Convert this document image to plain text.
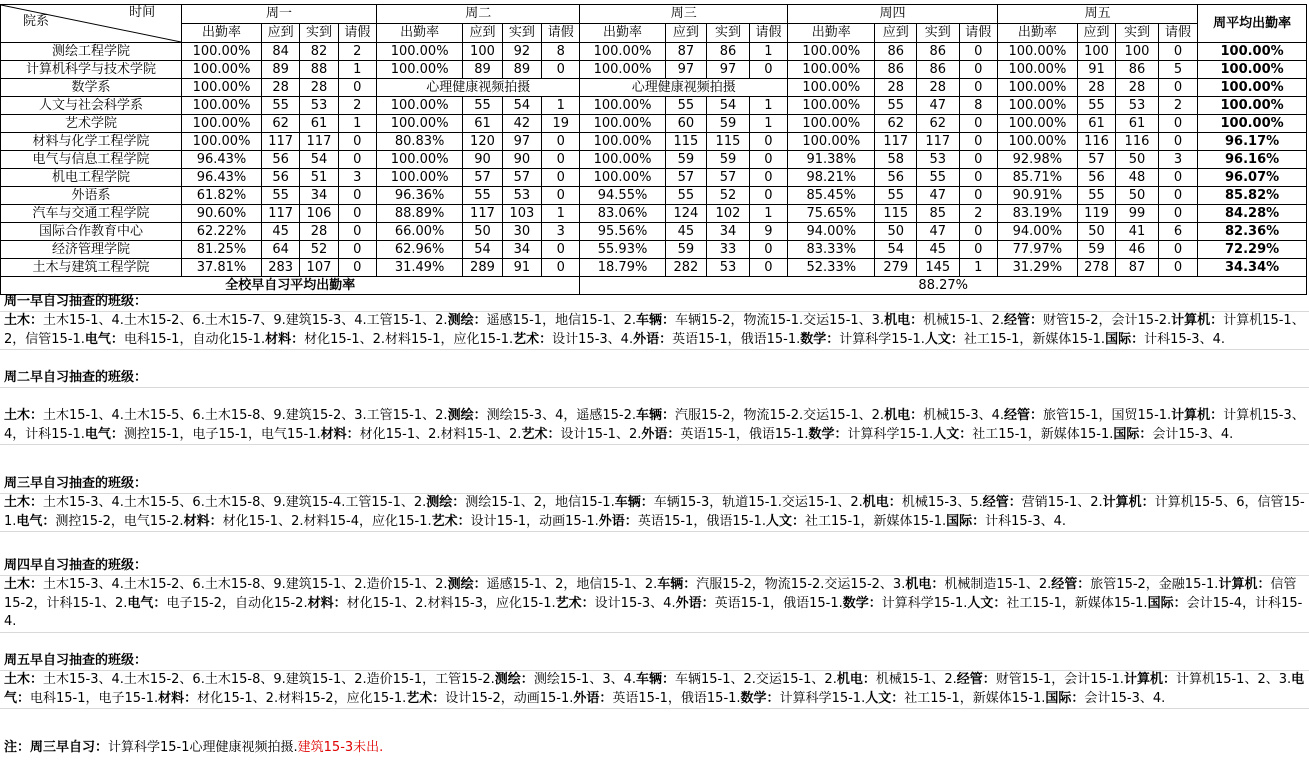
院系
时间	周一				周二				周三				周四				周五				周平均出勤率
	出勤率	应到	实到	请假	出勤率	应到	实到	请假	出勤率	应到	实到	请假	出勤率	应到	实到	请假	出勤率	应到	实到	请假	
测绘工程学院	100.00%	84	82	2	100.00%	100	92	8	100.00%	87	86	1	100.00%	86	86	0	100.00%	100	100	0	100.00%
计算机科学与技术学院	100.00%	89	88	1	100.00%	89	89	0	100.00%	97	97	0	100.00%	86	86	0	100.00%	91	86	5	100.00%
数学系	100.00%	28	28	0	心理健康视频拍摄				心理健康视频拍摄				100.00%	28	28	0	100.00%	28	28	0	100.00%
人文与社会科学系	100.00%	55	53	2	100.00%	55	54	1	100.00%	55	54	1	100.00%	55	47	8	100.00%	55	53	2	100.00%
艺术学院	100.00%	62	61	1	100.00%	61	42	19	100.00%	60	59	1	100.00%	62	62	0	100.00%	61	61	0	100.00%
材料与化学工程学院	100.00%	117	117	0	80.83%	120	97	0	100.00%	115	115	0	100.00%	117	117	0	100.00%	116	116	0	96.17%
电气与信息工程学院	96.43%	56	54	0	100.00%	90	90	0	100.00%	59	59	0	91.38%	58	53	0	92.98%	57	50	3	96.16%
机电工程学院	96.43%	56	51	3	100.00%	57	57	0	100.00%	57	57	0	98.21%	56	55	0	85.71%	56	48	0	96.07%
外语系	61.82%	55	34	0	96.36%	55	53	0	94.55%	55	52	0	85.45%	55	47	0	90.91%	55	50	0	85.82%
汽车与交通工程学院	90.60%	117	106	0	88.89%	117	103	1	83.06%	124	102	1	75.65%	115	85	2	83.19%	119	99	0	84.28%
国际合作教育中心	62.22%	45	28	0	66.00%	50	30	3	95.56%	45	34	9	94.00%	50	47	0	94.00%	50	41	6	82.36%
经济管理学院	81.25%	64	52	0	62.96%	54	34	0	55.93%	59	33	0	83.33%	54	45	0	77.97%	59	46	0	72.29%
土木与建筑工程学院	37.81%	283	107	0	31.49%	289	91	0	18.79%	282	53	0	52.33%	279	145	1	31.29%	278	87	0	34.34%
全校早自习平均出勤率									88.27%												
周一早自习抽查的班级：
土木：土木15-1、4.土木15-2、6.土木15-7、9.建筑15-3、4.工管15-1、2.测绘：遥感15-1，地信15-1、2.车辆：车辆15-2，物流15-1.交运15-1、3.机电：机械15-1、2.经管：财管15-2，会计15-2.计算机：计算机15-1、2，信管15-1.电气：电科15-1，自动化15-1.材料：材化15-1、2.材料15-1，应化15-1.艺术：设计15-3、4.外语：英语15-1，俄语15-1.数学：计算科学15-1.人文：社工15-1，新媒体15-1.国际：计科15-3、4.
周二早自习抽查的班级：
土木：土木15-1、4.土木15-5、6.土木15-8、9.建筑15-2、3.工管15-1、2.测绘：测绘15-3、4，遥感15-2.车辆：汽服15-2，物流15-2.交运15-1、2.机电：机械15-3、4.经管：旅管15-1，国贸15-1.计算机：计算机15-3、4，计科15-1.电气：测控15-1，电子15-1，电气15-1.材料：材化15-1、2.材料15-1、2.艺术：设计15-1、2.外语：英语15-1，俄语15-1.数学：计算科学15-1.人文：社工15-1，新媒体15-1.国际：会计15-3、4.
周三早自习抽查的班级：
土木：土木15-3、4.土木15-5、6.土木15-8、9.建筑15-4.工管15-1、2.测绘：测绘15-1、2，地信15-1.车辆：车辆15-3，轨道15-1.交运15-1、2.机电：机械15-3、5.经管：营销15-1、2.计算机：计算机15-5、6，信管15-1.电气：测控15-2，电气15-2.材料：材化15-1、2.材料15-4，应化15-1.艺术：设计15-1，动画15-1.外语：英语15-1，俄语15-1.人文：社工15-1，新媒体15-1.国际：计科15-3、4.
周四早自习抽查的班级：
土木：土木15-3、4.土木15-2、6.土木15-8、9.建筑15-1、2.造价15-1、2.测绘：遥感15-1、2，地信15-1、2.车辆：汽服15-2，物流15-2.交运15-2、3.机电：机械制造15-1、2.经管：旅管15-2，金融15-1.计算机：信管15-2，计科15-1、2.电气：电子15-2，自动化15-2.材料：材化15-1、2.材料15-3，应化15-1.艺术：设计15-3、4.外语：英语15-1，俄语15-1.数学：计算科学15-1.人文：社工15-1，新媒体15-1.国际：会计15-4，计科15-4.
周五早自习抽查的班级：
土木：土木15-3、4.土木15-2、6.土木15-8、9.建筑15-1、2.造价15-1，工管15-2.测绘：测绘15-1、3、4.车辆：车辆15-1、2.交运15-1、2.机电：机械15-1、2.经管：财管15-1，会计15-1.计算机：计算机15-1、2、3.电气：电科15-1，电子15-1.材料：材化15-1、2.材料15-2，应化15-1.艺术：设计15-2，动画15-1.外语：英语15-1，俄语15-1.数学：计算科学15-1.人文：社工15-1，新媒体15-1.国际：会计15-3、4.
注：周三早自习：计算科学15-1心理健康视频拍摄.建筑15-3未出.
